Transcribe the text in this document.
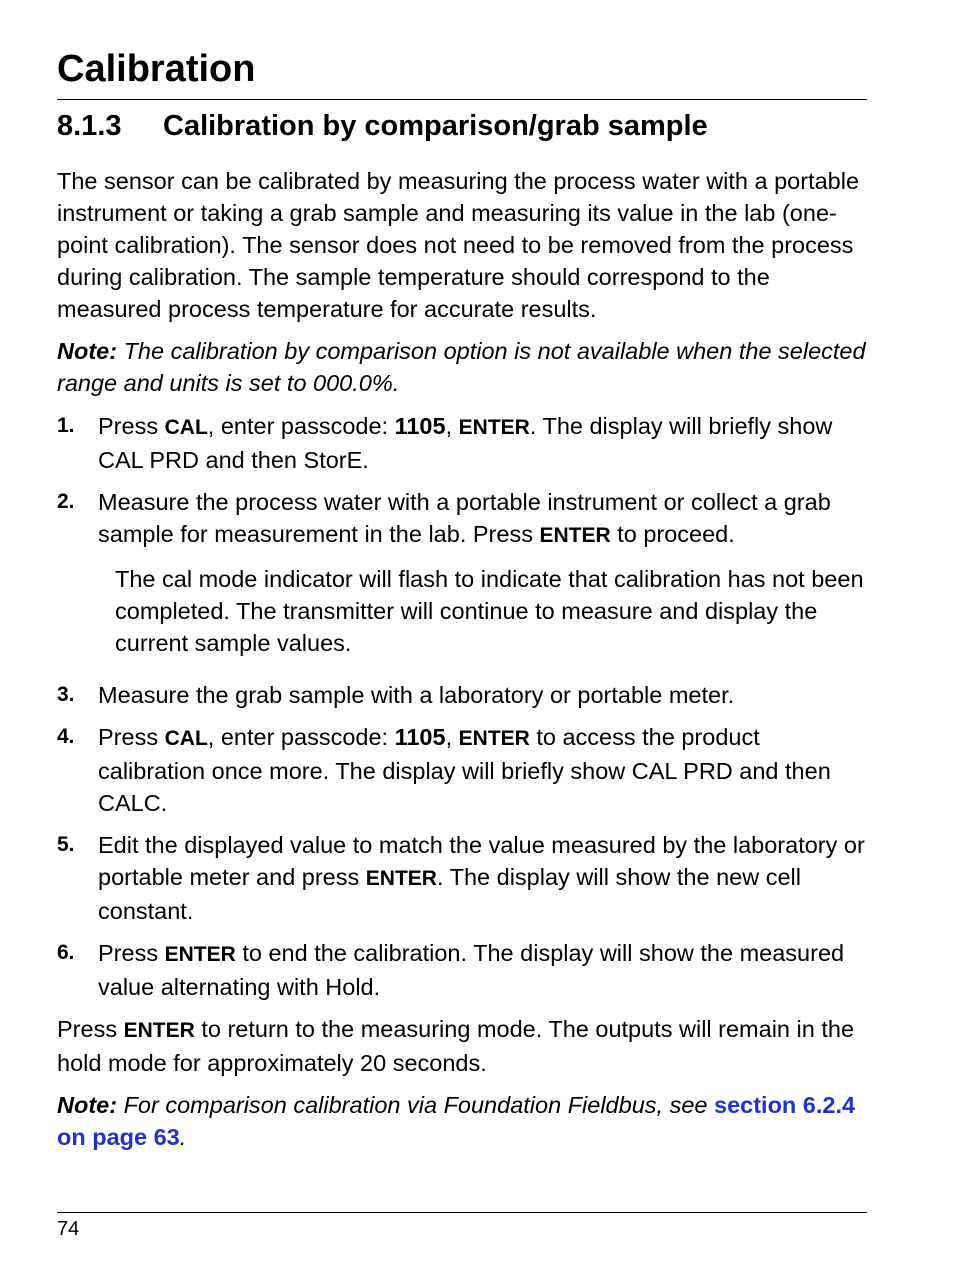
Calibration
8.1.3 Calibration by comparison/grab sample

The sensor can be calibrated by measuring the process water with a portable instrument or taking a grab sample and measuring its value in the lab (one-point calibration). The sensor does not need to be removed from the process during calibration. The sample temperature should correspond to the measured process temperature for accurate results.

Note: The calibration by comparison option is not available when the selected range and units is set to 000.0%.

1. Press CAL, enter passcode: 1105, ENTER. The display will briefly show CAL PRD and then StorE.
2. Measure the process water with a portable instrument or collect a grab sample for measurement in the lab. Press ENTER to proceed.

The cal mode indicator will flash to indicate that calibration has not been completed. The transmitter will continue to measure and display the current sample values.

3. Measure the grab sample with a laboratory or portable meter.
4. Press CAL, enter passcode: 1105, ENTER to access the product calibration once more. The display will briefly show CAL PRD and then CALC.
5. Edit the displayed value to match the value measured by the laboratory or portable meter and press ENTER. The display will show the new cell constant.
6. Press ENTER to end the calibration. The display will show the measured value alternating with Hold.

Press ENTER to return to the measuring mode. The outputs will remain in the hold mode for approximately 20 seconds.

Note: For comparison calibration via Foundation Fieldbus, see section 6.2.4 on page 63.

74
